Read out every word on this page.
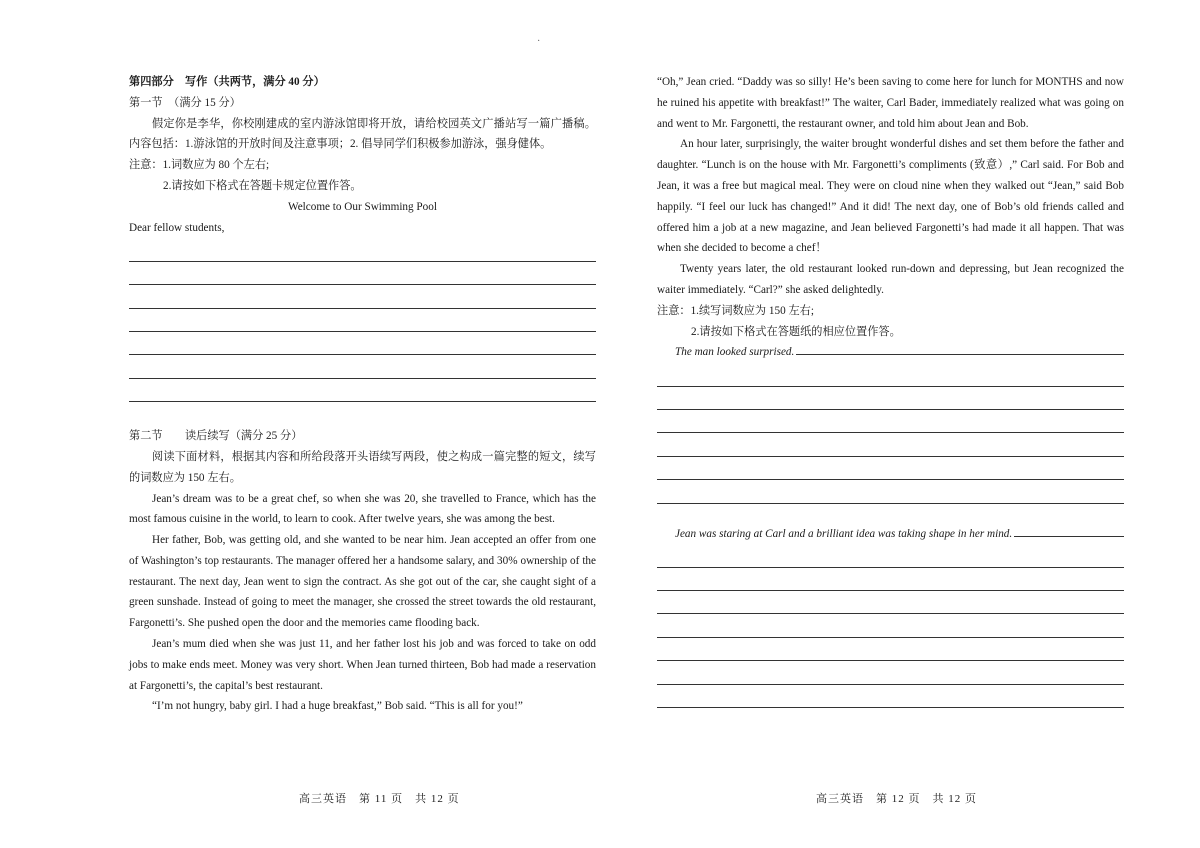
·

第四部分　写作（共两节，满分 40 分）

第一节　（满分 15 分）

假定你是李华，你校刚建成的室内游泳馆即将开放，请给校园英文广播站写一篇广播稿。内容包括：1.游泳馆的开放时间及注意事项；2. 倡导同学们积极参加游泳，强身健体。

注意：1.词数应为 80 个左右;

2.请按如下格式在答题卡规定位置作答。

Welcome to Our Swimming Pool

Dear fellow students,

第二节　　读后续写（满分 25 分）

阅读下面材料，根据其内容和所给段落开头语续写两段，使之构成一篇完整的短文，续写的词数应为 150 左右。

Jean’s dream was to be a great chef, so when she was 20, she travelled to France, which has the most famous cuisine in the world, to learn to cook. After twelve years, she was among the best.

Her father, Bob, was getting old, and she wanted to be near him. Jean accepted an offer from one of Washington’s top restaurants. The manager offered her a handsome salary, and 30% ownership of the restaurant. The next day, Jean went to sign the contract. As she got out of the car, she caught sight of a green sunshade. Instead of going to meet the manager, she crossed the street towards the old restaurant, Fargonetti’s. She pushed open the door and the memories came flooding back.

Jean’s mum died when she was just 11, and her father lost his job and was forced to take on odd jobs to make ends meet. Money was very short. When Jean turned thirteen, Bob had made a reservation at Fargonetti’s, the capital’s best restaurant.

“I’m not hungry, baby girl. I had a huge breakfast,” Bob said. “This is all for you!”

高三英语　第 11 页　共 12 页

“Oh,” Jean cried. “Daddy was so silly! He’s been saving to come here for lunch for MONTHS and now he ruined his appetite with breakfast!” The waiter, Carl Bader, immediately realized what was going on and went to Mr. Fargonetti, the restaurant owner, and told him about Jean and Bob.

An hour later, surprisingly, the waiter brought wonderful dishes and set them before the father and daughter. “Lunch is on the house with Mr. Fargonetti’s compliments (致意）,” Carl said. For Bob and Jean, it was a free but magical meal. They were on cloud nine when they walked out “Jean,” said Bob happily. “I feel our luck has changed!” And it did! The next day, one of Bob’s old friends called and offered him a job at a new magazine, and Jean believed Fargonetti’s had made it all happen. That was when she decided to become a chef！

Twenty years later, the old restaurant looked run-down and depressing, but Jean recognized the waiter immediately. “Carl?” she asked delightedly.

注意：1.续写词数应为 150 左右;

2.请按如下格式在答题纸的相应位置作答。

The man looked surprised.
Jean was staring at Carl and a brilliant idea was taking shape in her mind.
高三英语　第 12 页　共 12 页
